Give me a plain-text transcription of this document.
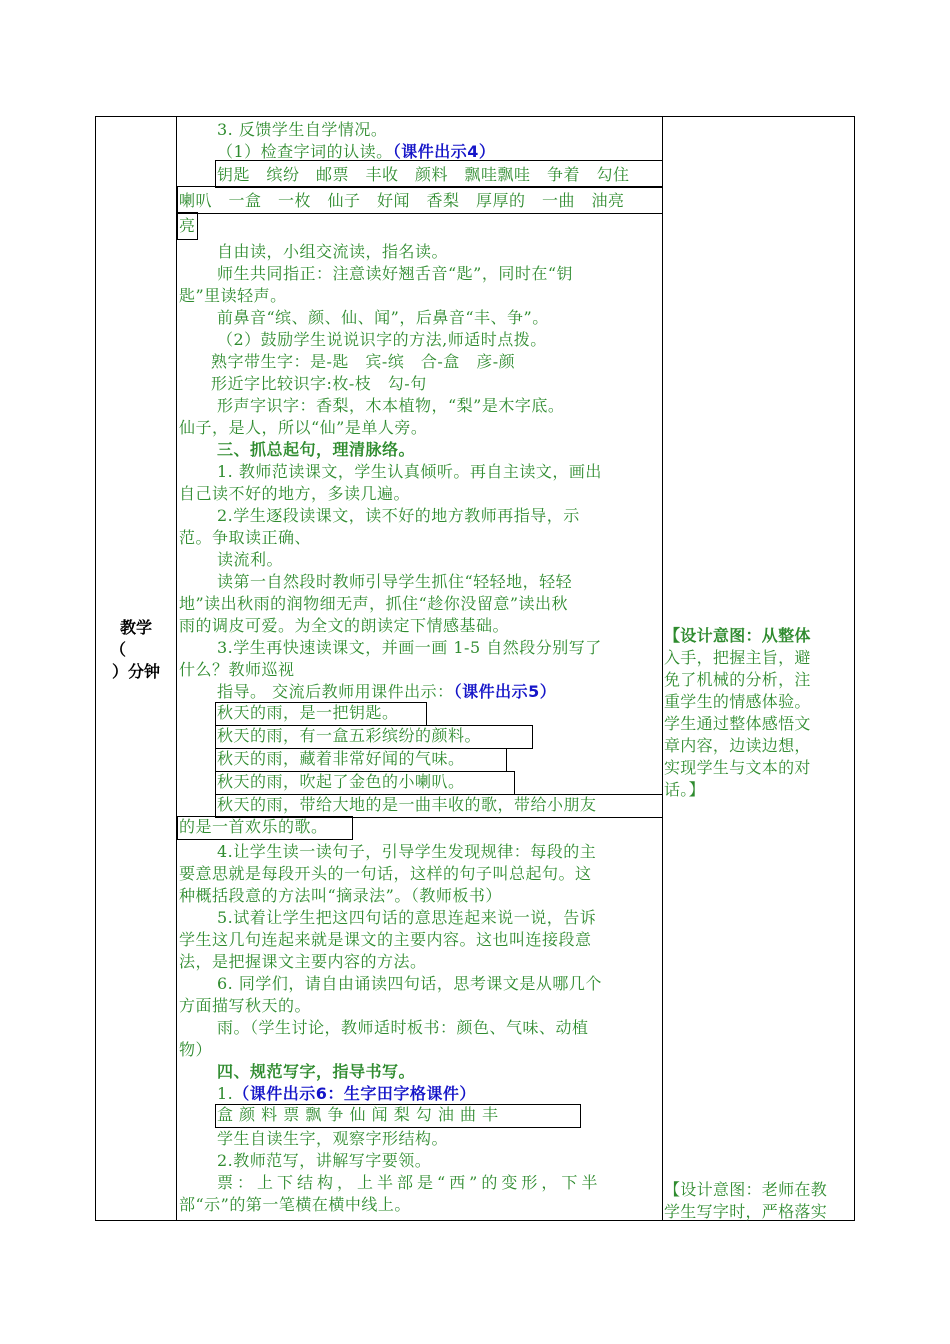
教学
（
）分钟
3. 反馈学生自学情况。
（1）检查字词的认读。（课件出示4）
钥匙　缤纷　邮票　丰收　颜料　飘哇飘哇　争着　勾住
喇叭　一盒　一枚　仙子　好闻　香梨　厚厚的　一曲　油亮
亮
自由读，小组交流读，指名读。
师生共同指正：注意读好翘舌音“匙”，同时在“钥
匙”里读轻声。
前鼻音“缤、颜、仙、闻”，后鼻音“丰、争”。
（2）鼓励学生说说识字的方法,师适时点拨。
熟字带生字：是-匙　宾-缤　合-盒　彦-颜
形近字比较识字:枚-枝　勾-句
形声字识字：香梨，木本植物，“梨”是木字底。
仙子，是人，所以“仙”是单人旁。
三、抓总起句，理清脉络。
1. 教师范读课文，学生认真倾听。再自主读文，画出
自己读不好的地方，多读几遍。
2.学生逐段读课文，读不好的地方教师再指导，示
范。争取读正确、
读流利。
读第一自然段时教师引导学生抓住“轻轻地，轻轻
地”读出秋雨的润物细无声，抓住“趁你没留意”读出秋
雨的调皮可爱。为全文的朗读定下情感基础。
3.学生再快速读课文，并画一画 1-5 自然段分别写了
什么？教师巡视
指导。 交流后教师用课件出示：（课件出示5）
秋天的雨，是一把钥匙。
秋天的雨，有一盒五彩缤纷的颜料。
秋天的雨，藏着非常好闻的气味。
秋天的雨，吹起了金色的小喇叭。
秋天的雨，带给大地的是一曲丰收的歌，带给小朋友
的是一首欢乐的歌。
4.让学生读一读句子，引导学生发现规律：每段的主
要意思就是每段开头的一句话，这样的句子叫总起句。这
种概括段意的方法叫“摘录法”。（教师板书）
5.试着让学生把这四句话的意思连起来说一说，告诉
学生这几句连起来就是课文的主要内容。这也叫连接段意
法，是把握课文主要内容的方法。
6. 同学们，请自由诵读四句话，思考课文是从哪几个
方面描写秋天的。
雨。（学生讨论，教师适时板书：颜色、气味、动植
物）
四、规范写字，指导书写。
1.（课件出示6：生字田字格课件）
盒 颜 料 票 飘 争 仙 闻 梨 勾 油 曲 丰
学生自读生字，观察字形结构。
2.教师范写，讲解写字要领。
票：上下结构，上半部是“西”的变形，下半
部“示”的第一笔横在横中线上。
【设计意图：从整体
入手，把握主旨，避
免了机械的分析，注
重学生的情感体验。
学生通过整体感悟文
章内容，边读边想，
实现学生与文本的对
话。】
【设计意图：老师在教
学生写字时，严格落实
